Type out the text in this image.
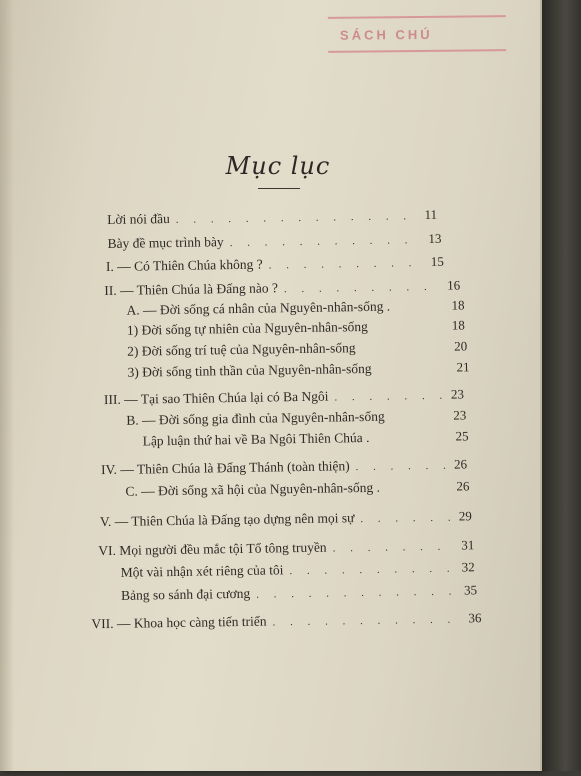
SÁCH CHÚ
Mục lục
Lời nói đầu . . .	11
Bày đề mục trình bày . . .	13
I. — Có Thiên Chúa không ? . . .	15
II. — Thiên Chúa là Đấng nào ? . . .	16
A. — Đời sống cá nhân của Nguyên-nhân-sống .	18
1) Đời sống tự nhiên của Nguyên-nhân-sống	18
2) Đời sống trí tuệ của Nguyên-nhân-sống	20
3) Đời sống tinh thần của Nguyên-nhân-sống	21
III. — Tại sao Thiên Chúa lại có Ba Ngôi . . .	23
B. — Đời sống gia đình của Nguyên-nhân-sống	23
Lập luận thứ hai về Ba Ngôi Thiên Chúa .	25
IV. — Thiên Chúa là Đấng Thánh (toàn thiện) . . .	26
C. — Đời sống xã hội của Nguyên-nhân-sống .	26
V. — Thiên Chúa là Đấng tạo dựng nên mọi sự . . .	29
VI. Mọi người đều mắc tội Tổ tông truyền . . .	31
Một vài nhận xét riêng của tôi . . .	32
Bảng so sánh đại cương . . .	35
VII. — Khoa học càng tiến triển . . .	36
